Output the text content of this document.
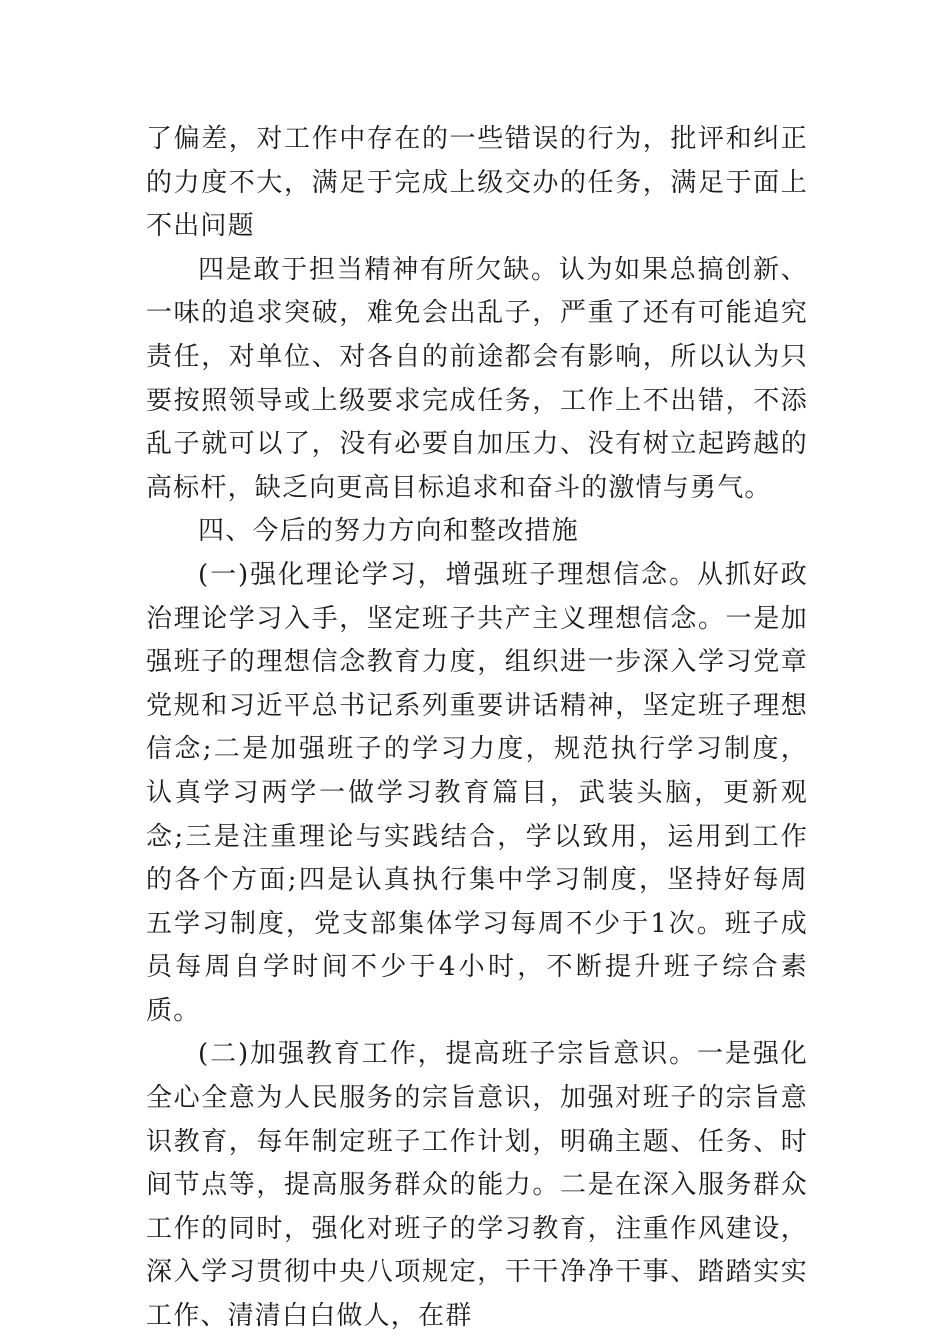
了偏差，对工作中存在的一些错误的行为，批评和纠正的力度不大，满足于完成上级交办的任务，满足于面上不出问题

四是敢于担当精神有所欠缺。认为如果总搞创新、一味的追求突破，难免会出乱子，严重了还有可能追究责任，对单位、对各自的前途都会有影响，所以认为只要按照领导或上级要求完成任务，工作上不出错，不添乱子就可以了，没有必要自加压力、没有树立起跨越的高标杆，缺乏向更高目标追求和奋斗的激情与勇气。

四、今后的努力方向和整改措施

(一)强化理论学习，增强班子理想信念。从抓好政治理论学习入手，坚定班子共产主义理想信念。一是加强班子的理想信念教育力度，组织进一步深入学习党章党规和习近平总书记系列重要讲话精神，坚定班子理想信念;二是加强班子的学习力度，规范执行学习制度，认真学习两学一做学习教育篇目，武装头脑，更新观念;三是注重理论与实践结合，学以致用，运用到工作的各个方面;四是认真执行集中学习制度，坚持好每周五学习制度，党支部集体学习每周不少于1次。班子成员每周自学时间不少于4小时，不断提升班子综合素质。

(二)加强教育工作，提高班子宗旨意识。一是强化全心全意为人民服务的宗旨意识，加强对班子的宗旨意识教育，每年制定班子工作计划，明确主题、任务、时间节点等，提高服务群众的能力。二是在深入服务群众工作的同时，强化对班子的学习教育，注重作风建设，深入学习贯彻中央八项规定，干干净净干事、踏踏实实工作、清清白白做人，在群
